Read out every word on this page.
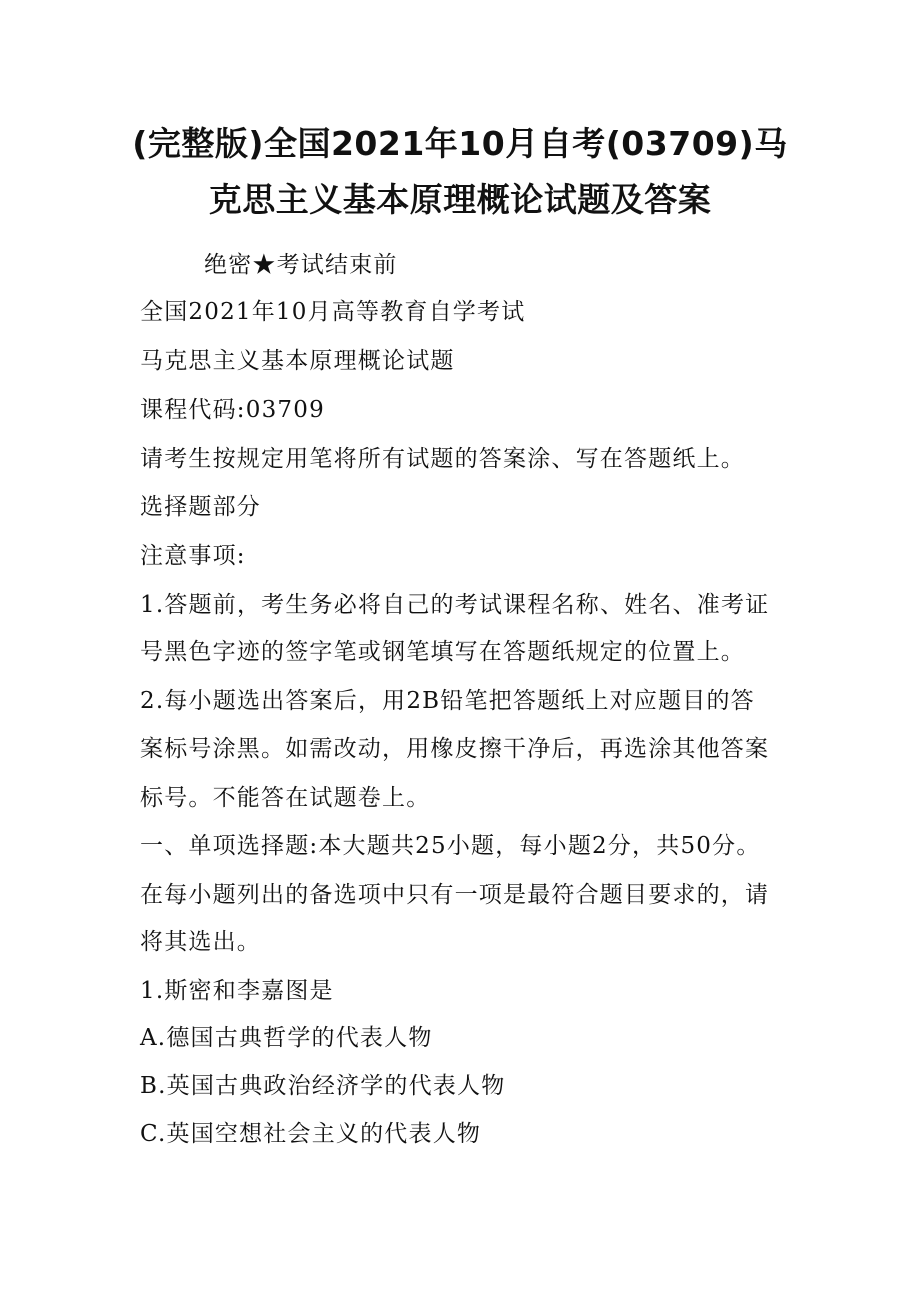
(完整版)全国2021年10月自考(03709)马
克思主义基本原理概论试题及答案
绝密★考试结束前
全国2021年10月高等教育自学考试
马克思主义基本原理概论试题
课程代码:03709
请考生按规定用笔将所有试题的答案涂、写在答题纸上。
选择题部分
注意事项:
1.答题前，考生务必将自己的考试课程名称、姓名、准考证
号黑色字迹的签字笔或钢笔填写在答题纸规定的位置上。
2.每小题选出答案后，用2B铅笔把答题纸上对应题目的答
案标号涂黑。如需改动，用橡皮擦干净后，再选涂其他答案
标号。不能答在试题卷上。
一、单项选择题:本大题共25小题，每小题2分，共50分。
在每小题列出的备选项中只有一项是最符合题目要求的，请
将其选出。
1.斯密和李嘉图是
A.德国古典哲学的代表人物
B.英国古典政治经济学的代表人物
C.英国空想社会主义的代表人物
